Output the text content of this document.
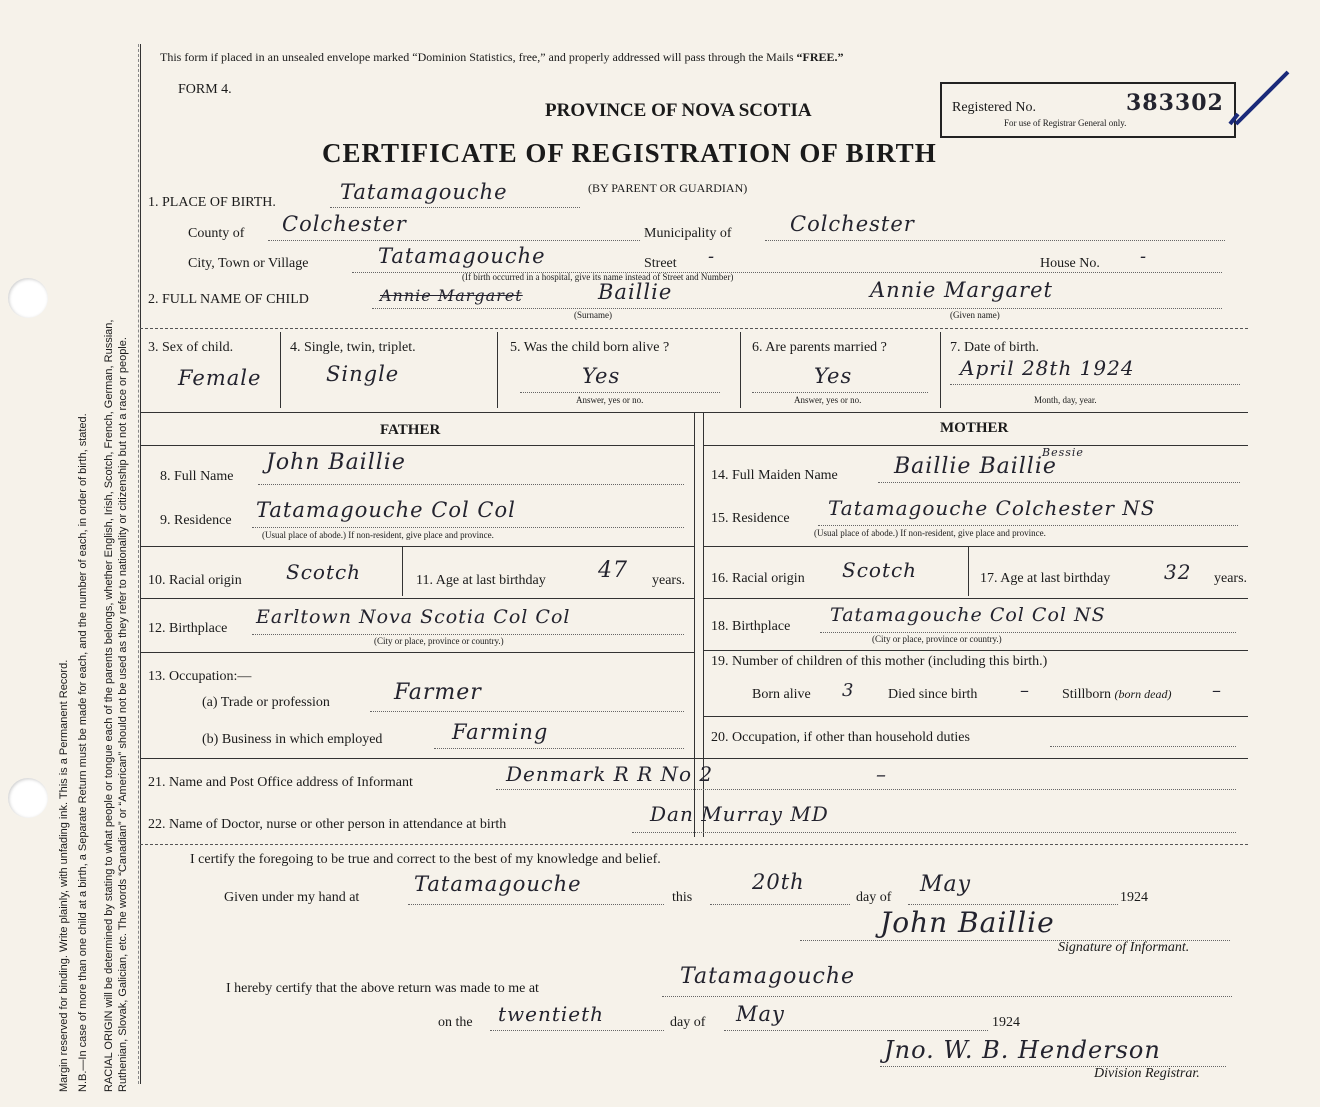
Margin reserved for binding. Write plainly, with unfading ink. This is a Permanent Record. N.B.—In case of more than one child at a birth, a Separate Return must be made for each, and the number of each, in order of birth, stated. RACIAL ORIGIN will be determined by stating to what people or tongue each of the parents belongs, whether English, Irish, Scotch, French, German, Russian, Ruthenian, Slovak, Galician, etc. The words “Canadian” or “American” should not be used as they refer to nationality or citizenship but not a race or people.
This form if placed in an unsealed envelope marked “Dominion Statistics, free,” and properly addressed will pass through the Mails “FREE.”
FORM 4.
PROVINCE OF NOVA SCOTIA	Registered No.	383302
For use of Registrar General only.
CERTIFICATE OF REGISTRATION OF BIRTH
(BY PARENT OR GUARDIAN)
1. PLACE OF BIRTH.	Tatamagouche
County of Colchester	Municipality of	Colchester
City, Town or Village	Tatamagouche	Street -	House No. -
(If birth occurred in a hospital, give its name instead of Street and Number)
2. FULL NAME OF CHILD	Annie Margaret	Baillie	Annie Margaret
(Surname)	(Given name)
3. Sex of child.
Female
4. Single, twin, triplet.
Single
5. Was the child born alive ?
Yes
Answer, yes or no.
6. Are parents married ?
Yes
Answer, yes or no.
7. Date of birth.
April 28th 1924
Month, day, year.
FATHER	MOTHER
8. Full Name
John Baillie
9. Residence Tatamagouche Col Col
(Usual place of abode.) If non-resident, give place and province.
10. Racial origin Scotch	11. Age at last birthday 47 years.
12. Birthplace
Earltown Nova Scotia Col Col
(City or place, province or country.)
13. Occupation:—
(a) Trade or profession	Farmer
(b) Business in which employed	Farming
Bessie
14. Full Maiden Name	Baillie Baillie
15. Residence Tatamagouche Colchester NS
(Usual place of abode.) If non-resident, give place and province.
16. Racial origin Scotch	17. Age at last birthday	32 years.
18. Birthplace
Tatamagouche Col Col NS
(City or place, province or country.)
19. Number of children of this mother (including this birth.)
Born alive 3 Died since birth – Stillborn (born dead) –
20. Occupation, if other than household duties
21. Name and Post Office address of Informant	Denmark R R No 2	–
22. Name of Doctor, nurse or other person in attendance at birth	Dan Murray MD
I certify the foregoing to be true and correct to the best of my knowledge and belief.
Given under my hand at
Tatamagouche
this
20th
day of
May
1924
John Baillie
Signature of Informant.
I hereby certify that the above return was made to me at	Tatamagouche
on the twentieth	day of May	1924
Jno. W. B. Henderson
Division Registrar.
